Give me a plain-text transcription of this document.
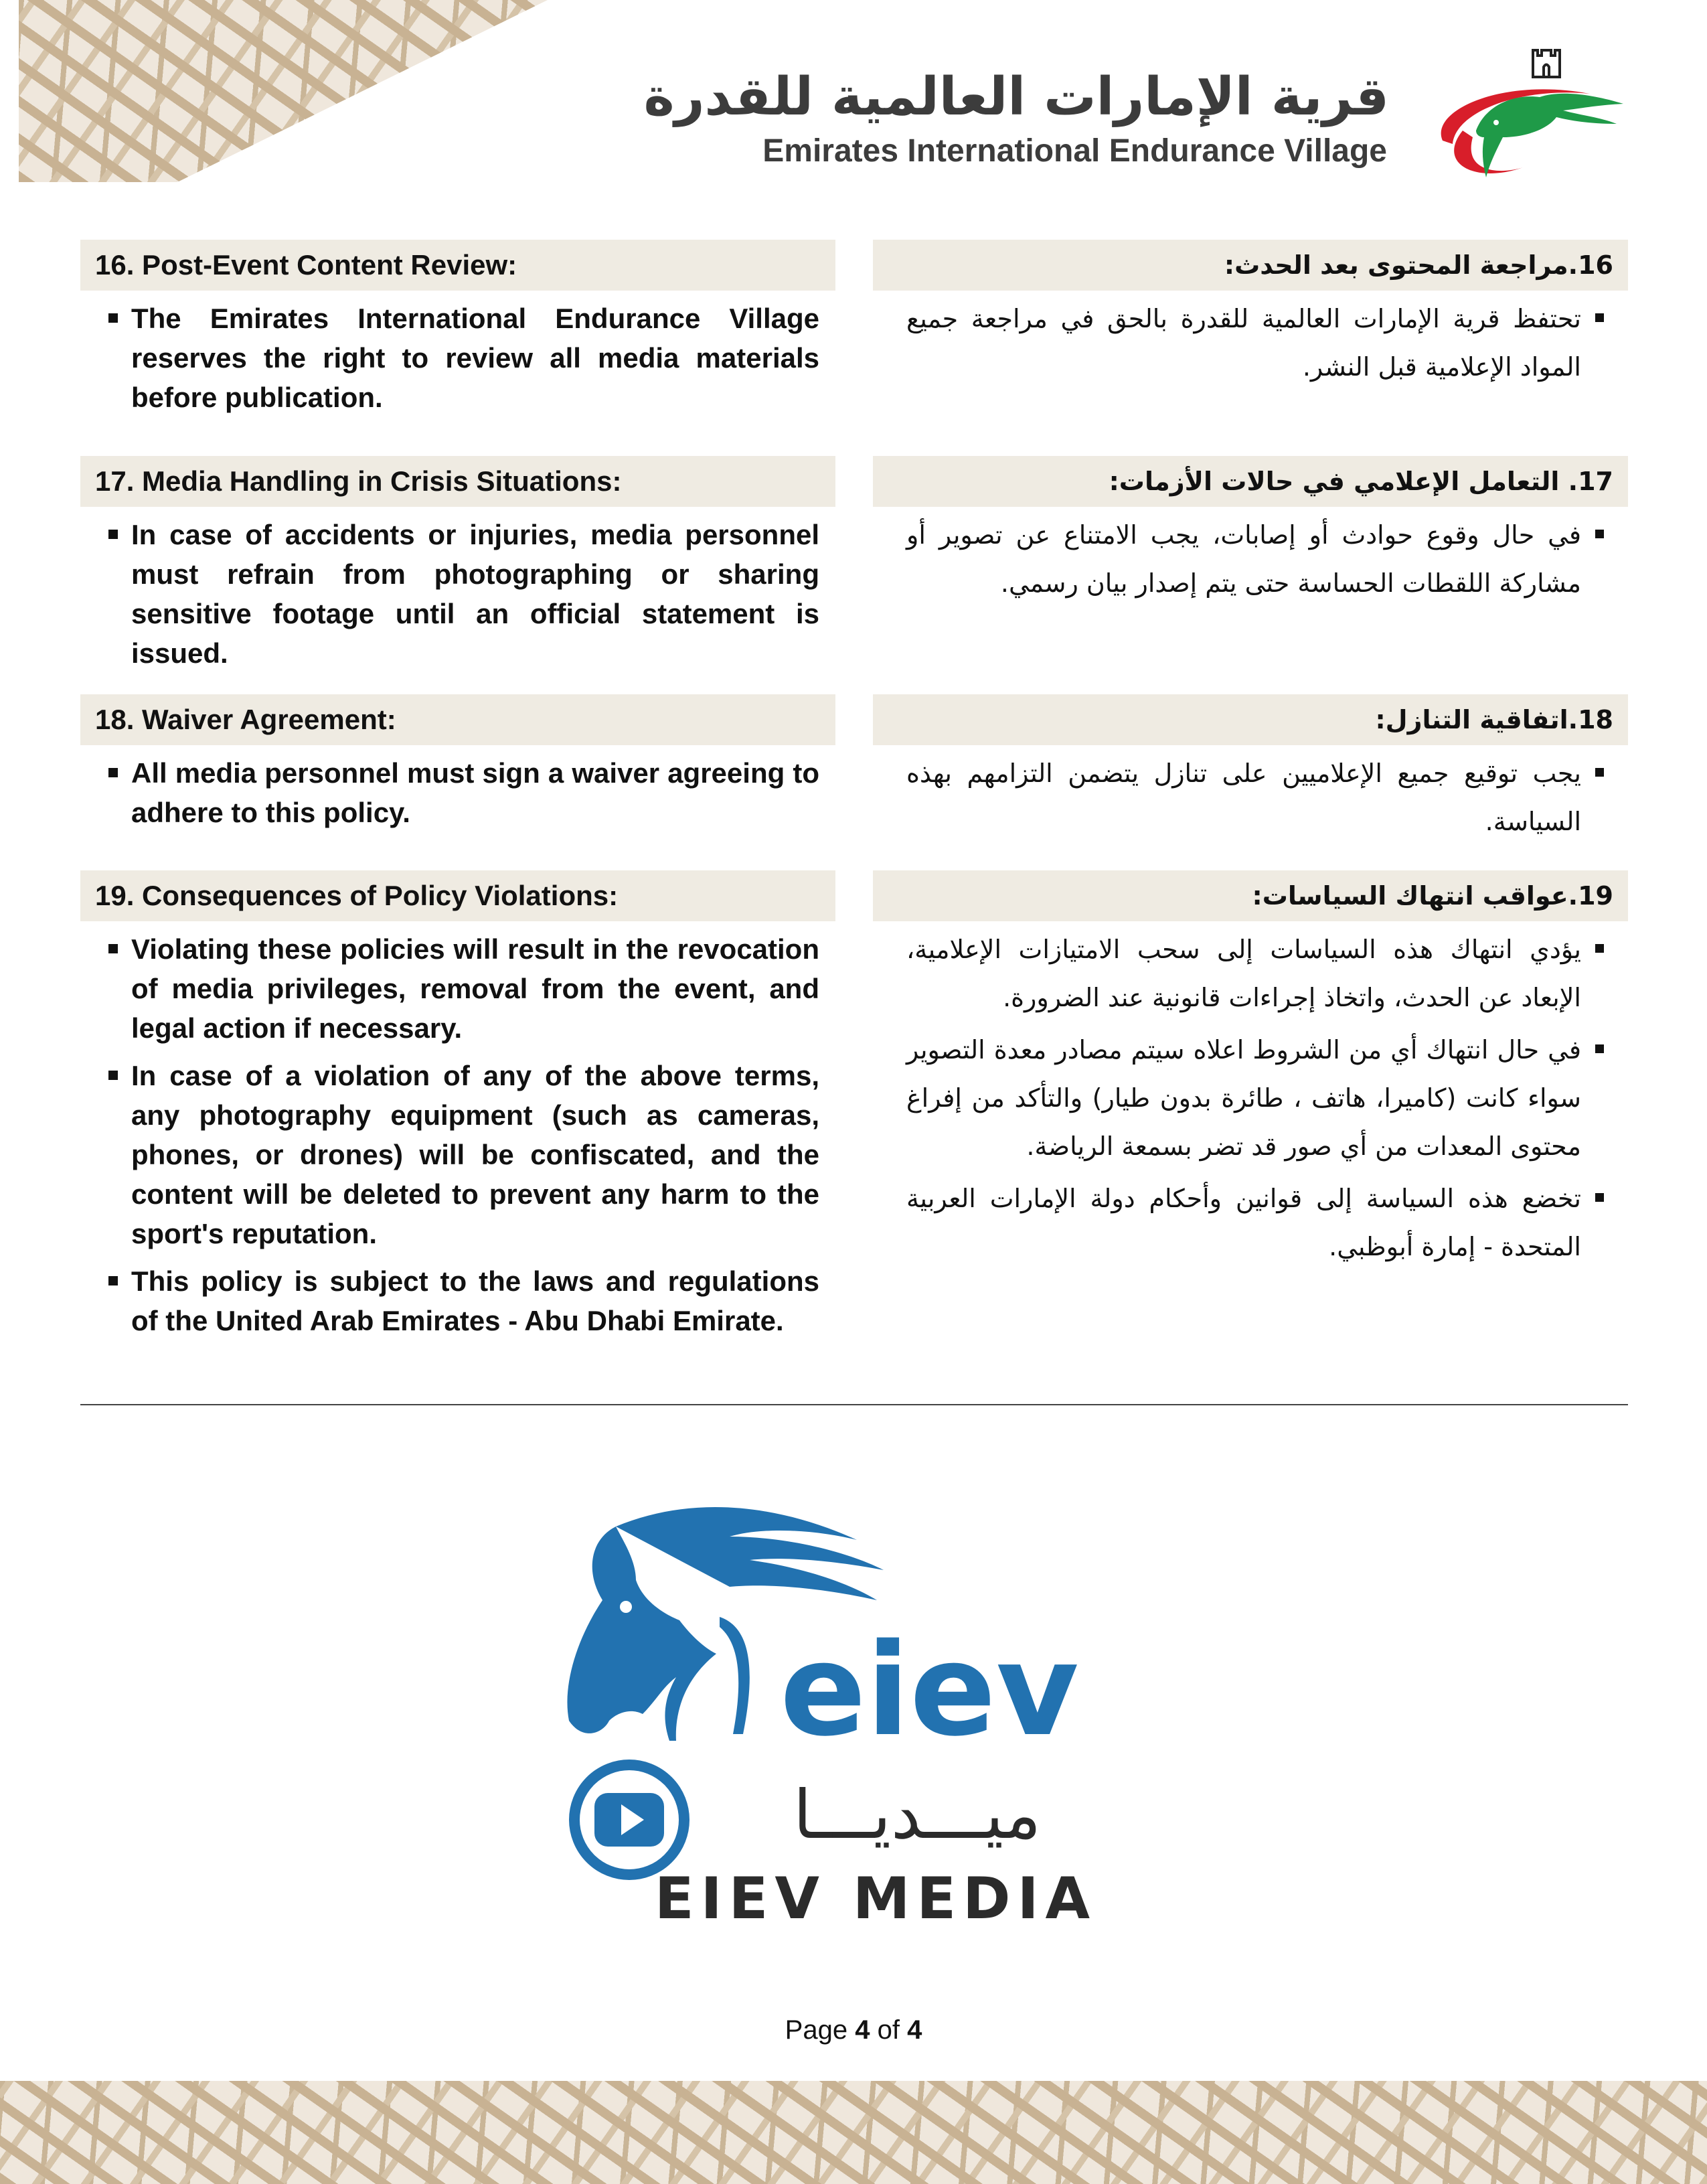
قرية الإمارات العالمية للقدرة
Emirates International Endurance Village
16. Post-Event Content Review:
The Emirates International Endurance Village reserves the right to review all media materials before publication.
17. Media Handling in Crisis Situations:
In case of accidents or injuries, media personnel must refrain from photographing or sharing sensitive footage until an official statement is issued.
18. Waiver Agreement:
All media personnel must sign a waiver agreeing to adhere to this policy.
19. Consequences of Policy Violations:
Violating these policies will result in the revocation of media privileges, removal from the event, and legal action if necessary.
In case of a violation of any of the above terms, any photography equipment (such as cameras, phones, or drones) will be confiscated, and the content will be deleted to prevent any harm to the sport's reputation.
This policy is subject to the laws and regulations of the United Arab Emirates - Abu Dhabi Emirate.
16.مراجعة المحتوى بعد الحدث:
تحتفظ قرية الإمارات العالمية للقدرة بالحق في مراجعة جميع المواد الإعلامية قبل النشر.
17. التعامل الإعلامي في حالات الأزمات:
في حال وقوع حوادث أو إصابات، يجب الامتناع عن تصوير أو مشاركة اللقطات الحساسة حتى يتم إصدار بيان رسمي.
18.اتفاقية التنازل:
يجب توقيع جميع الإعلاميين على تنازل يتضمن التزامهم بهذه السياسة.
19.عواقب انتهاك السياسات:
يؤدي انتهاك هذه السياسات إلى سحب الامتيازات الإعلامية، الإبعاد عن الحدث، واتخاذ إجراءات قانونية عند الضرورة.
في حال انتهاك أي من الشروط اعلاه سيتم مصادر معدة التصوير سواء كانت (كاميرا، هاتف ، طائرة بدون طيار) والتأكد من إفراغ محتوى المعدات من أي صور قد تضر بسمعة الرياضة.
تخضع هذه السياسة إلى قوانين وأحكام دولة الإمارات العربية المتحدة - إمارة أبوظبي.
eiev
ميـــديـــا
EIEV MEDIA
Page 4 of 4
